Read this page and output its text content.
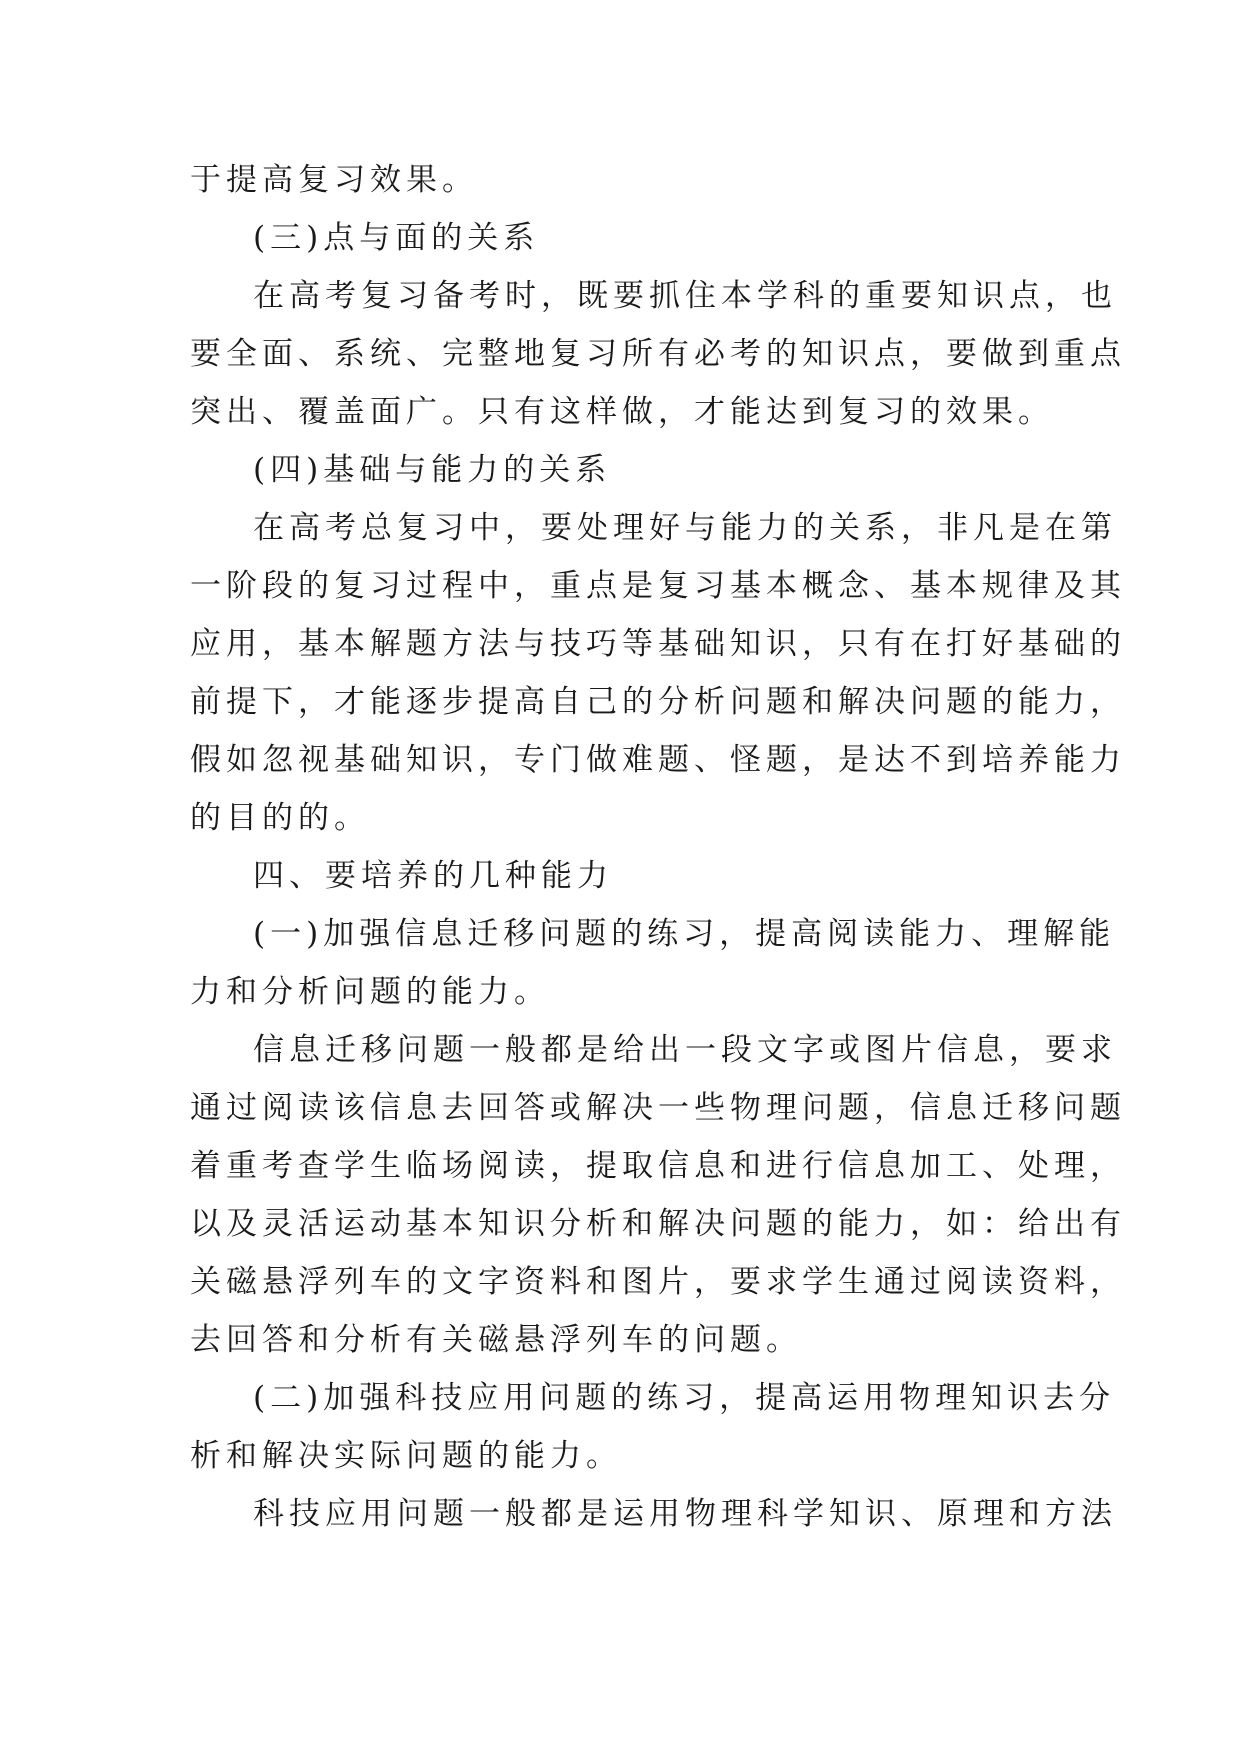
于提高复习效果。
(三)点与面的关系
在高考复习备考时，既要抓住本学科的重要知识点，也
要全面、系统、完整地复习所有必考的知识点，要做到重点
突出、覆盖面广。只有这样做，才能达到复习的效果。
(四)基础与能力的关系
在高考总复习中，要处理好与能力的关系，非凡是在第
一阶段的复习过程中，重点是复习基本概念、基本规律及其
应用，基本解题方法与技巧等基础知识，只有在打好基础的
前提下，才能逐步提高自己的分析问题和解决问题的能力，
假如忽视基础知识，专门做难题、怪题，是达不到培养能力
的目的的。
四、要培养的几种能力
(一)加强信息迁移问题的练习，提高阅读能力、理解能
力和分析问题的能力。
信息迁移问题一般都是给出一段文字或图片信息，要求
通过阅读该信息去回答或解决一些物理问题，信息迁移问题
着重考查学生临场阅读，提取信息和进行信息加工、处理，
以及灵活运动基本知识分析和解决问题的能力，如：给出有
关磁悬浮列车的文字资料和图片，要求学生通过阅读资料，
去回答和分析有关磁悬浮列车的问题。
(二)加强科技应用问题的练习，提高运用物理知识去分
析和解决实际问题的能力。
科技应用问题一般都是运用物理科学知识、原理和方法
